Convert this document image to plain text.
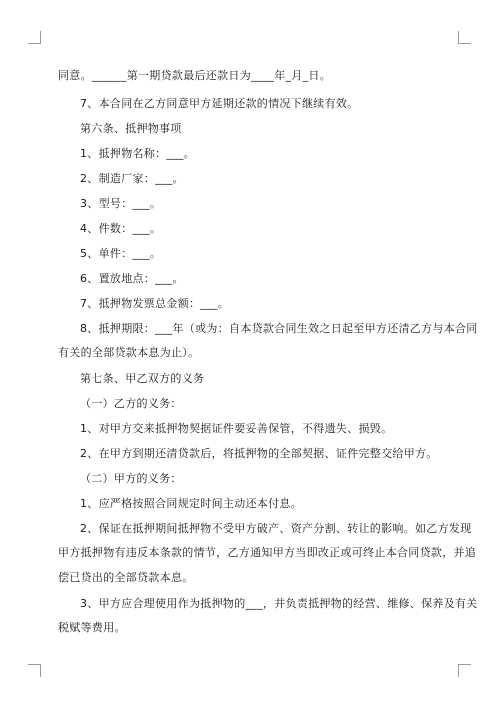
同意。______第一期贷款最后还款日为____年_月_日。
7、本合同在乙方同意甲方延期还款的情况下继续有效。
第六条、抵押物事项
1、抵押物名称：___。
2、制造厂家：___。
3、型号：___。
4、件数：___。
5、单件：___。
6、置放地点：___。
7、抵押物发票总金额：___。
8、抵押期限：___年（或为：自本贷款合同生效之日起至甲方还清乙方与本合同
有关的全部贷款本息为止）。
第七条、甲乙双方的义务
（一）乙方的义务：
1、对甲方交来抵押物契据证件要妥善保管，不得遗失、损毁。
2、在甲方到期还清贷款后，将抵押物的全部契据、证件完整交给甲方。
（二）甲方的义务：
1、应严格按照合同规定时间主动还本付息。
2、保证在抵押期间抵押物不受甲方破产、资产分割、转让的影响。如乙方发现
甲方抵押物有违反本条款的情节，乙方通知甲方当即改正或可终止本合同贷款，并追
偿已贷出的全部贷款本息。
3、甲方应合理使用作为抵押物的___，并负责抵押物的经营、维修、保养及有关
税赋等费用。
